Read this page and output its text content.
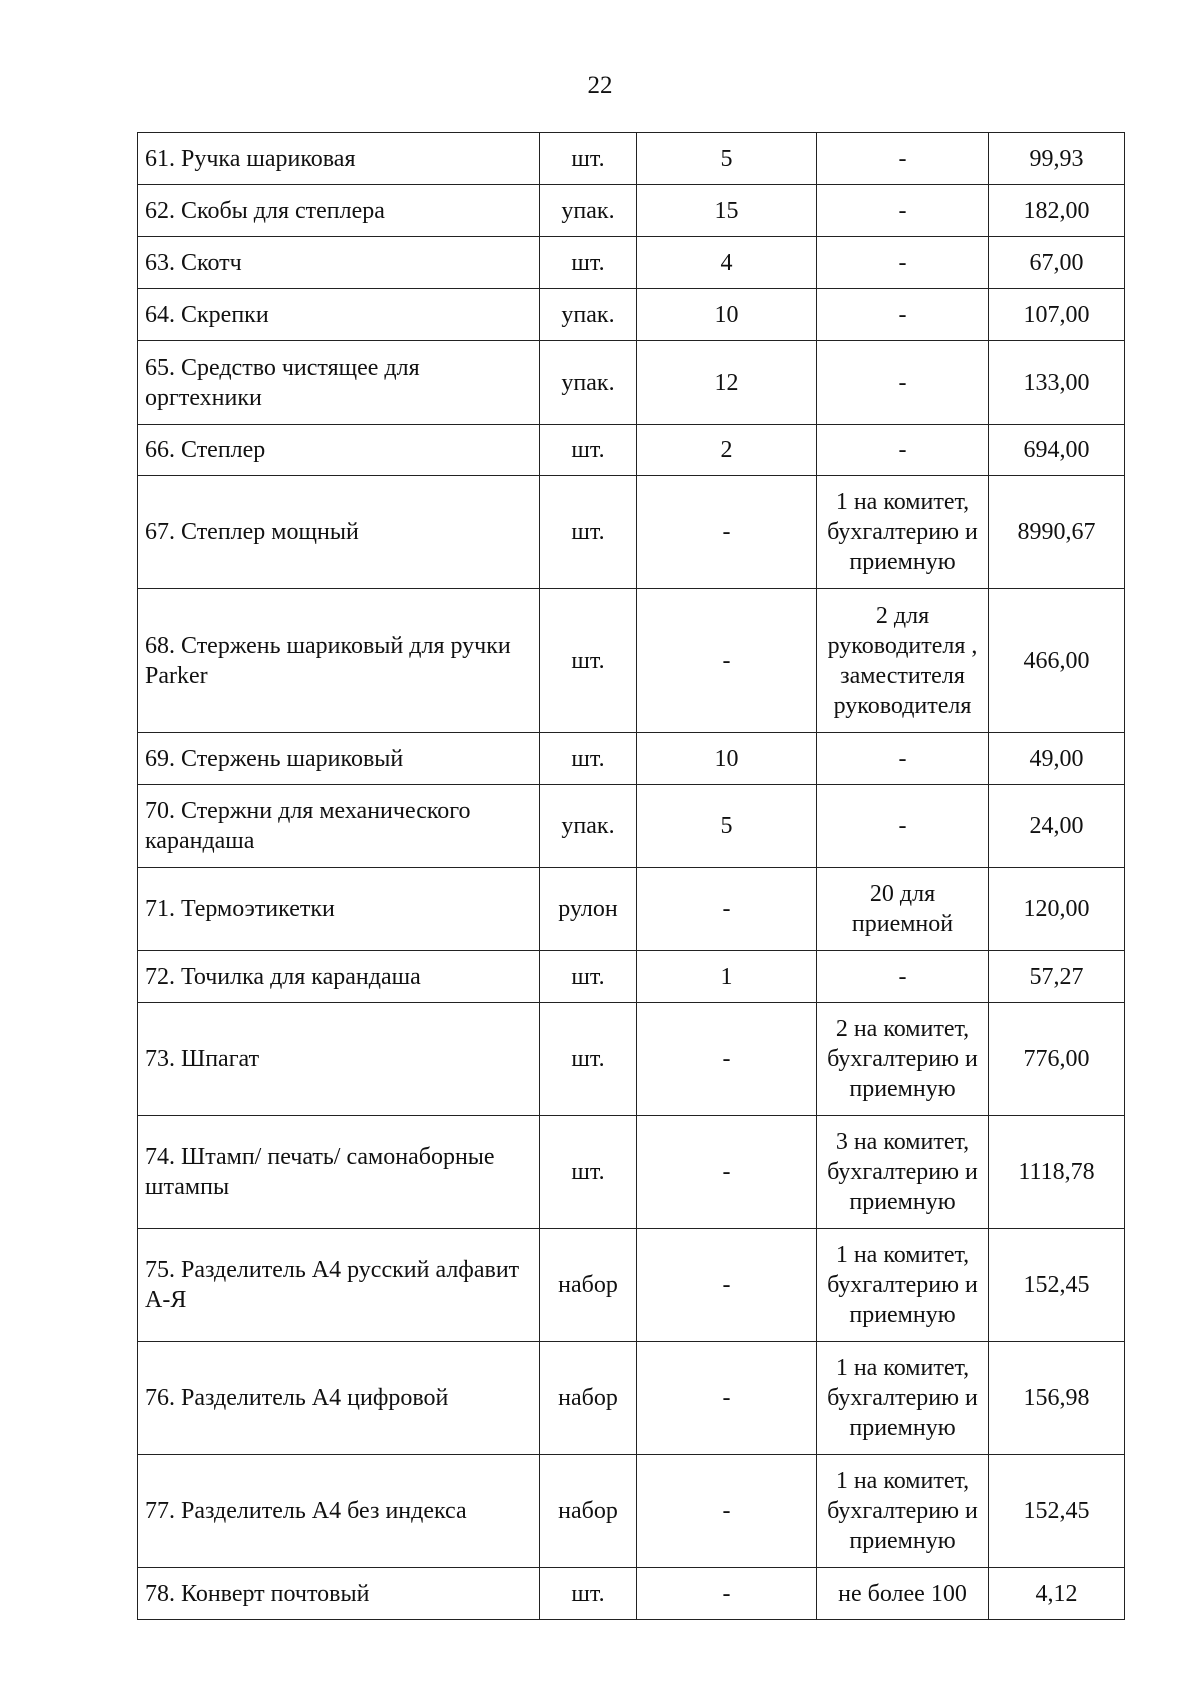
22
61. Ручка шариковая	шт.	5	-	99,93
62. Скобы для степлера	упак.	15	-	182,00
63. Скотч	шт.	4	-	67,00
64. Скрепки	упак.	10	-	107,00
65. Средство чистящее для оргтехники	упак.	12	-	133,00
66. Степлер	шт.	2	-	694,00
67. Степлер мощный	шт.	-	1 на комитет, бухгалтерию и приемную	8990,67
68. Стержень шариковый для ручки Parker	шт.	-	2 для руководителя , заместителя руководителя	466,00
69. Стержень шариковый	шт.	10	-	49,00
70. Стержни для механического карандаша	упак.	5	-	24,00
71. Термоэтикетки	рулон	-	20 для приемной	120,00
72. Точилка для карандаша	шт.	1	-	57,27
73. Шпагат	шт.	-	2 на комитет, бухгалтерию и приемную	776,00
74. Штамп/ печать/ самонаборные штампы	шт.	-	3 на комитет, бухгалтерию и приемную	1118,78
75. Разделитель А4 русский алфавит А-Я	набор	-	1 на комитет, бухгалтерию и приемную	152,45
76. Разделитель А4 цифровой	набор	-	1 на комитет, бухгалтерию и приемную	156,98
77. Разделитель А4 без индекса	набор	-	1 на комитет, бухгалтерию и приемную	152,45
78. Конверт почтовый	шт.	-	не более 100	4,12
